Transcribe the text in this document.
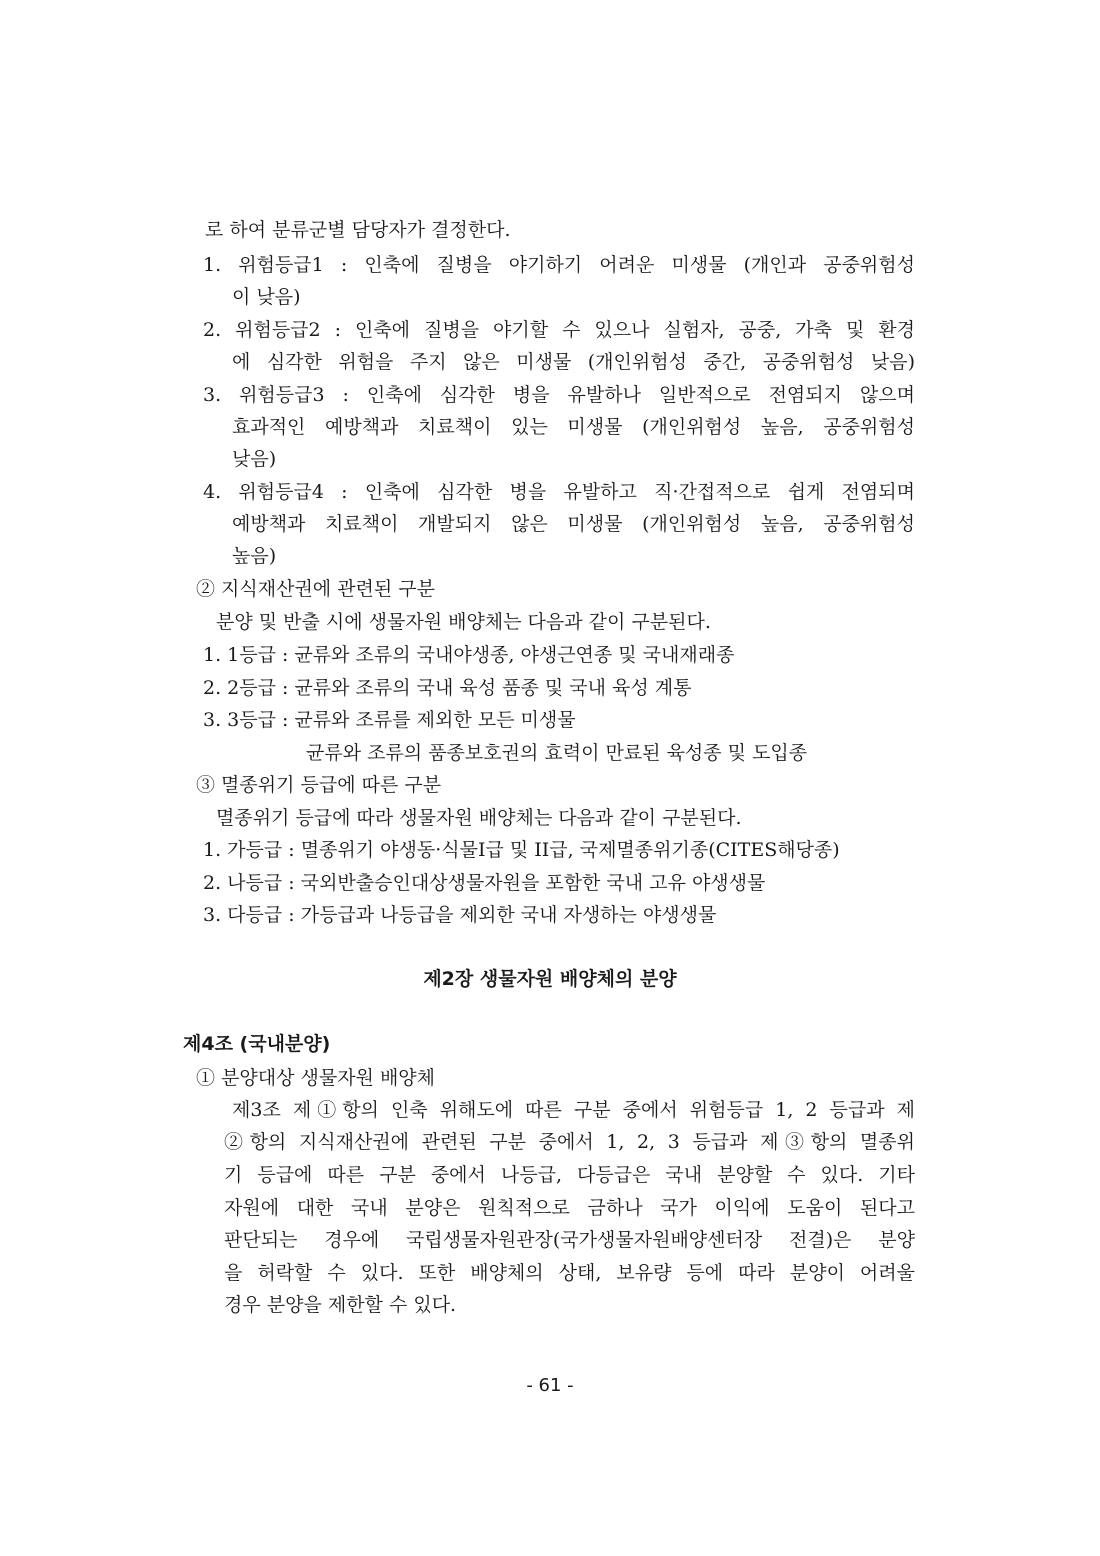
로 하여 분류군별 담당자가 결정한다.
1. 위험등급1 : 인축에 질병을 야기하기 어려운 미생물 (개인과 공중위험성
이 낮음)
2. 위험등급2 : 인축에 질병을 야기할 수 있으나 실험자, 공중, 가축 및 환경
에 심각한 위험을 주지 않은 미생물 (개인위험성 중간, 공중위험성 낮음)
3. 위험등급3 : 인축에 심각한 병을 유발하나 일반적으로 전염되지 않으며
효과적인 예방책과 치료책이 있는 미생물 (개인위험성 높음, 공중위험성
낮음)
4. 위험등급4 : 인축에 심각한 병을 유발하고 직·간접적으로 쉽게 전염되며
예방책과 치료책이 개발되지 않은 미생물 (개인위험성 높음, 공중위험성
높음)
② 지식재산권에 관련된 구분
분양 및 반출 시에 생물자원 배양체는 다음과 같이 구분된다.
1. 1등급 : 균류와 조류의 국내야생종, 야생근연종 및 국내재래종
2. 2등급 : 균류와 조류의 국내 육성 품종 및 국내 육성 계통
3. 3등급 : 균류와 조류를 제외한 모든 미생물
균류와 조류의 품종보호권의 효력이 만료된 육성종 및 도입종
③ 멸종위기 등급에 따른 구분
멸종위기 등급에 따라 생물자원 배양체는 다음과 같이 구분된다.
1. 가등급 : 멸종위기 야생동·식물I급 및 II급, 국제멸종위기종(CITES해당종)
2. 나등급 : 국외반출승인대상생물자원을 포함한 국내 고유 야생생물
3. 다등급 : 가등급과 나등급을 제외한 국내 자생하는 야생생물
제2장 생물자원 배양체의 분양
제4조 (국내분양)
① 분양대상 생물자원 배양체
제3조 제①항의 인축 위해도에 따른 구분 중에서 위험등급 1, 2 등급과 제
②항의 지식재산권에 관련된 구분 중에서 1, 2, 3 등급과 제③항의 멸종위
기 등급에 따른 구분 중에서 나등급, 다등급은 국내 분양할 수 있다. 기타
자원에 대한 국내 분양은 원칙적으로 금하나 국가 이익에 도움이 된다고
판단되는 경우에 국립생물자원관장(국가생물자원배양센터장 전결)은 분양
을 허락할 수 있다. 또한 배양체의 상태, 보유량 등에 따라 분양이 어려울
경우 분양을 제한할 수 있다.
- 61 -
